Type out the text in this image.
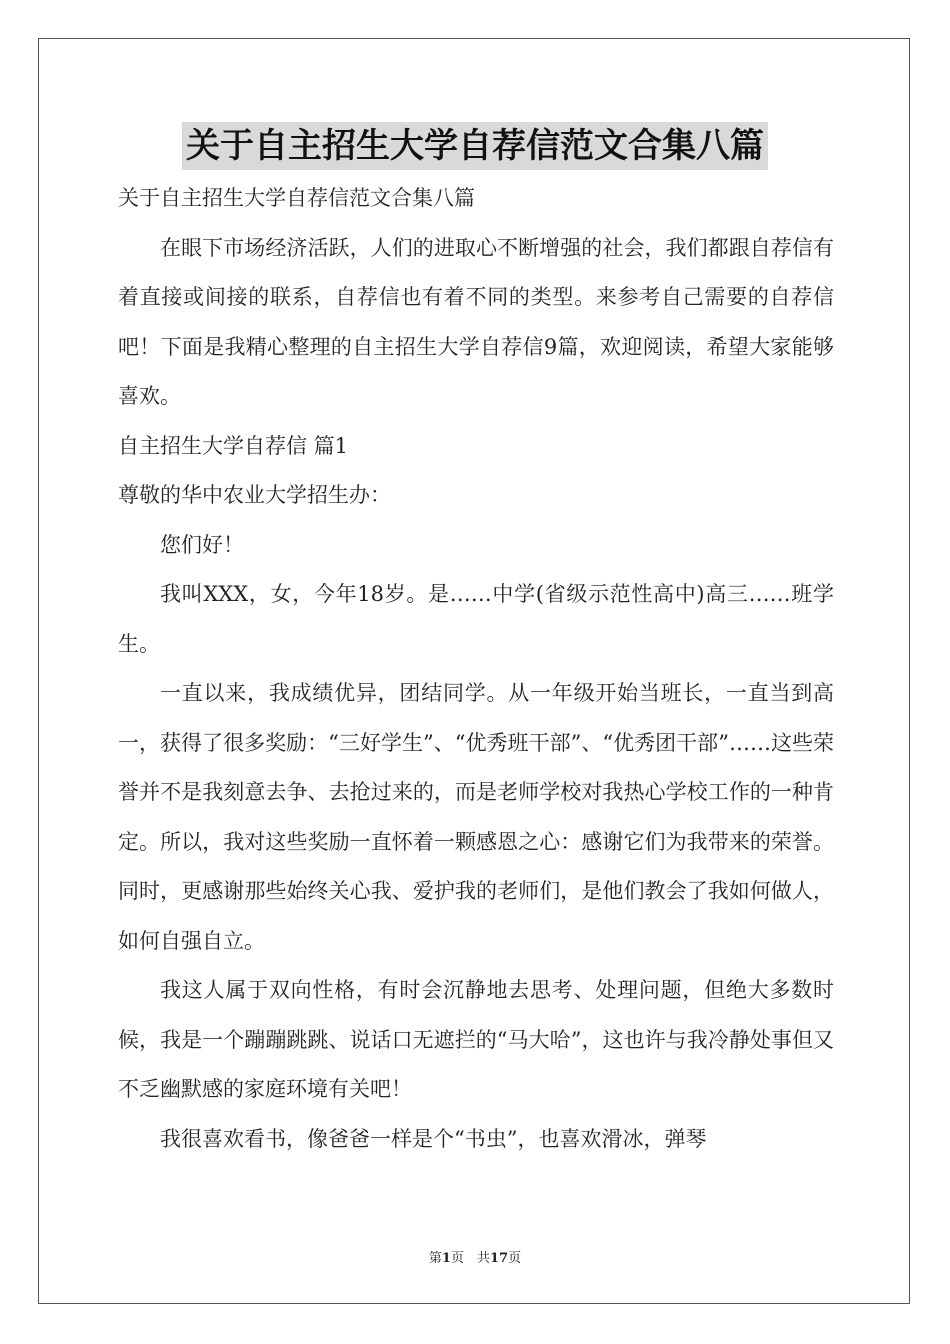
关于自主招生大学自荐信范文合集八篇

关于自主招生大学自荐信范文合集八篇

在眼下市场经济活跃，人们的进取心不断增强的社会，我们都跟自荐信有着直接或间接的联系，自荐信也有着不同的类型。来参考自己需要的自荐信吧！下面是我精心整理的自主招生大学自荐信9篇，欢迎阅读，希望大家能够喜欢。

自主招生大学自荐信 篇1

尊敬的华中农业大学招生办：

您们好！

我叫XXX，女，今年18岁。是……中学(省级示范性高中)高三……班学生。

一直以来，我成绩优异，团结同学。从一年级开始当班长，一直当到高一，获得了很多奖励：“三好学生”、“优秀班干部”、“优秀团干部”……这些荣誉并不是我刻意去争、去抢过来的，而是老师学校对我热心学校工作的一种肯定。所以，我对这些奖励一直怀着一颗感恩之心：感谢它们为我带来的荣誉。同时，更感谢那些始终关心我、爱护我的老师们，是他们教会了我如何做人，如何自强自立。

我这人属于双向性格，有时会沉静地去思考、处理问题，但绝大多数时候，我是一个蹦蹦跳跳、说话口无遮拦的“马大哈”，这也许与我冷静处事但又不乏幽默感的家庭环境有关吧！

我很喜欢看书，像爸爸一样是个“书虫”，也喜欢滑冰，弹琴

第1页　共17页
